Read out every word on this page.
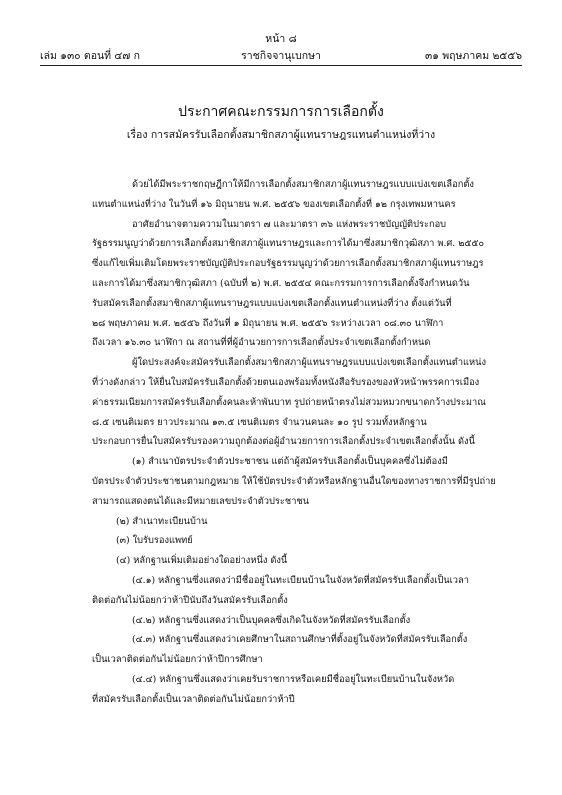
หน้า ๘
เล่ม ๑๓๐ ตอนที่ ๔๗ ก	ราชกิจจานุเบกษา	๓๑ พฤษภาคม ๒๕๕๖
ประกาศคณะกรรมการการเลือกตั้ง
เรื่อง การสมัครรับเลือกตั้งสมาชิกสภาผู้แทนราษฎรแทนตำแหน่งที่ว่าง

ด้วยได้มีพระราชกฤษฎีกาให้มีการเลือกตั้งสมาชิกสภาผู้แทนราษฎรแบบแบ่งเขตเลือกตั้ง

แทนตำแหน่งที่ว่าง ในวันที่ ๑๖ มิถุนายน พ.ศ. ๒๕๕๖ ของเขตเลือกตั้งที่ ๑๒ กรุงเทพมหานคร

อาศัยอำนาจตามความในมาตรา ๗ และมาตรา ๓๖ แห่งพระราชบัญญัติประกอบ

รัฐธรรมนูญว่าด้วยการเลือกตั้งสมาชิกสภาผู้แทนราษฎรและการได้มาซึ่งสมาชิกวุฒิสภา พ.ศ. ๒๕๕๐

ซึ่งแก้ไขเพิ่มเติมโดยพระราชบัญญัติประกอบรัฐธรรมนูญว่าด้วยการเลือกตั้งสมาชิกสภาผู้แทนราษฎร

และการได้มาซึ่งสมาชิกวุฒิสภา (ฉบับที่ ๒) พ.ศ. ๒๕๕๔ คณะกรรมการการเลือกตั้งจึงกำหนดวัน

รับสมัครเลือกตั้งสมาชิกสภาผู้แทนราษฎรแบบแบ่งเขตเลือกตั้งแทนตำแหน่งที่ว่าง ตั้งแต่วันที่

๒๘ พฤษภาคม พ.ศ. ๒๕๕๖ ถึงวันที่ ๑ มิถุนายน พ.ศ. ๒๕๕๖ ระหว่างเวลา ๐๘.๓๐ นาฬิกา

ถึงเวลา ๑๖.๓๐ นาฬิกา ณ สถานที่ที่ผู้อำนวยการการเลือกตั้งประจำเขตเลือกตั้งกำหนด

ผู้ใดประสงค์จะสมัครรับเลือกตั้งสมาชิกสภาผู้แทนราษฎรแบบแบ่งเขตเลือกตั้งแทนตำแหน่ง

ที่ว่างดังกล่าว ให้ยื่นใบสมัครรับเลือกตั้งด้วยตนเองพร้อมทั้งหนังสือรับรองของหัวหน้าพรรคการเมือง

ค่าธรรมเนียมการสมัครรับเลือกตั้งคนละห้าพันบาท รูปถ่ายหน้าตรงไม่สวมหมวกขนาดกว้างประมาณ

๘.๕ เซนติเมตร ยาวประมาณ ๑๓.๕ เซนติเมตร จำนวนคนละ ๑๐ รูป รวมทั้งหลักฐาน

ประกอบการยื่นใบสมัครรับรองความถูกต้องต่อผู้อำนวยการการเลือกตั้งประจำเขตเลือกตั้งนั้น ดังนี้

(๑) สำเนาบัตรประจำตัวประชาชน แต่ถ้าผู้สมัครรับเลือกตั้งเป็นบุคคลซึ่งไม่ต้องมี

บัตรประจำตัวประชาชนตามกฎหมาย ให้ใช้บัตรประจำตัวหรือหลักฐานอื่นใดของทางราชการที่มีรูปถ่าย

สามารถแสดงตนได้และมีหมายเลขประจำตัวประชาชน

(๒) สำเนาทะเบียนบ้าน

(๓) ใบรับรองแพทย์

(๔) หลักฐานเพิ่มเติมอย่างใดอย่างหนึ่ง ดังนี้

(๔.๑) หลักฐานซึ่งแสดงว่ามีชื่ออยู่ในทะเบียนบ้านในจังหวัดที่สมัครรับเลือกตั้งเป็นเวลา

ติดต่อกันไม่น้อยกว่าห้าปีนับถึงวันสมัครรับเลือกตั้ง

(๔.๒) หลักฐานซึ่งแสดงว่าเป็นบุคคลซึ่งเกิดในจังหวัดที่สมัครรับเลือกตั้ง

(๔.๓) หลักฐานซึ่งแสดงว่าเคยศึกษาในสถานศึกษาที่ตั้งอยู่ในจังหวัดที่สมัครรับเลือกตั้ง

เป็นเวลาติดต่อกันไม่น้อยกว่าห้าปีการศึกษา

(๔.๔) หลักฐานซึ่งแสดงว่าเคยรับราชการหรือเคยมีชื่ออยู่ในทะเบียนบ้านในจังหวัด

ที่สมัครรับเลือกตั้งเป็นเวลาติดต่อกันไม่น้อยกว่าห้าปี
